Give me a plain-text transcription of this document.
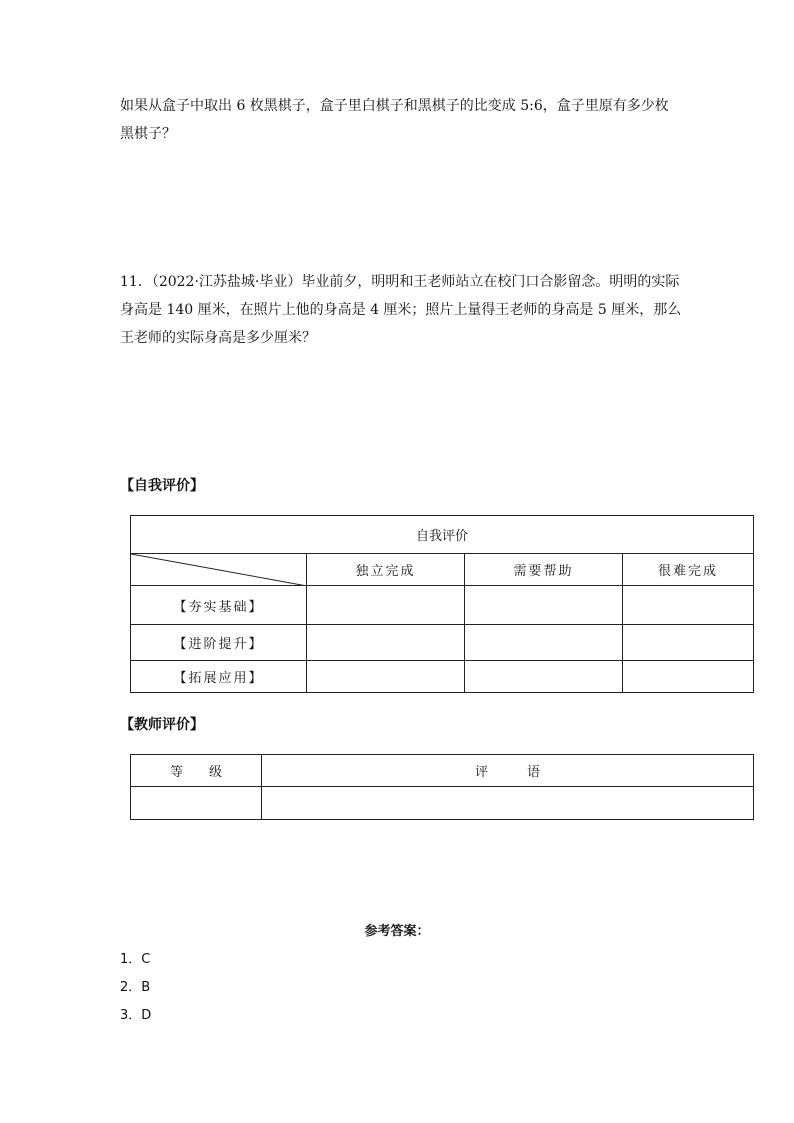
如果从盒子中取出 6 枚黑棋子，盒子里白棋子和黑棋子的比变成 5:6，盒子里原有多少枚
黑棋子？
11．（2022·江苏盐城·毕业）毕业前夕，明明和王老师站立在校门口合影留念。明明的实际
身高是 140 厘米，在照片上他的身高是 4 厘米；照片上量得王老师的身高是 5 厘米，那么
王老师的实际身高是多少厘米？
【自我评价】
自我评价			

	独立完成	需要帮助	很难完成
【夯实基础】			
【进阶提升】			
【拓展应用】			
【教师评价】
等　　级	评　　　语

参考答案：
1．C
2．B
3．D
